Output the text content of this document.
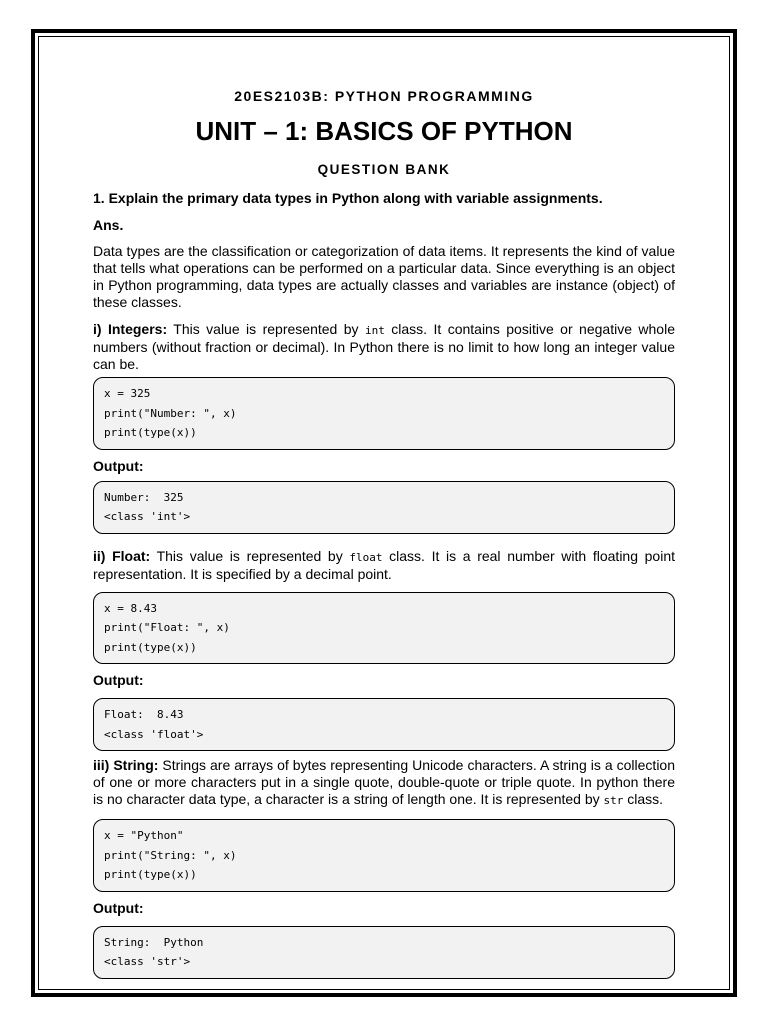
20ES2103B: PYTHON PROGRAMMING
UNIT – 1: BASICS OF PYTHON
QUESTION BANK
1. Explain the primary data types in Python along with variable assignments.
Ans.

Data types are the classification or categorization of data items. It represents the kind of value that tells what operations can be performed on a particular data. Since everything is an object in Python programming, data types are actually classes and variables are instance (object) of these classes.

i) Integers: This value is represented by int class. It contains positive or negative whole numbers (without fraction or decimal). In Python there is no limit to how long an integer value can be.

x = 325
print("Number: ", x)
print(type(x))
Output:
Number:  325
<class 'int'>

ii) Float: This value is represented by float class. It is a real number with floating point representation. It is specified by a decimal point.

x = 8.43
print("Float: ", x)
print(type(x))
Output:
Float:  8.43
<class 'float'>

iii) String: Strings are arrays of bytes representing Unicode characters. A string is a collection of one or more characters put in a single quote, double-quote or triple quote. In python there is no character data type, a character is a string of length one. It is represented by str class.

x = "Python"
print("String: ", x)
print(type(x))
Output:
String:  Python
<class 'str'>
